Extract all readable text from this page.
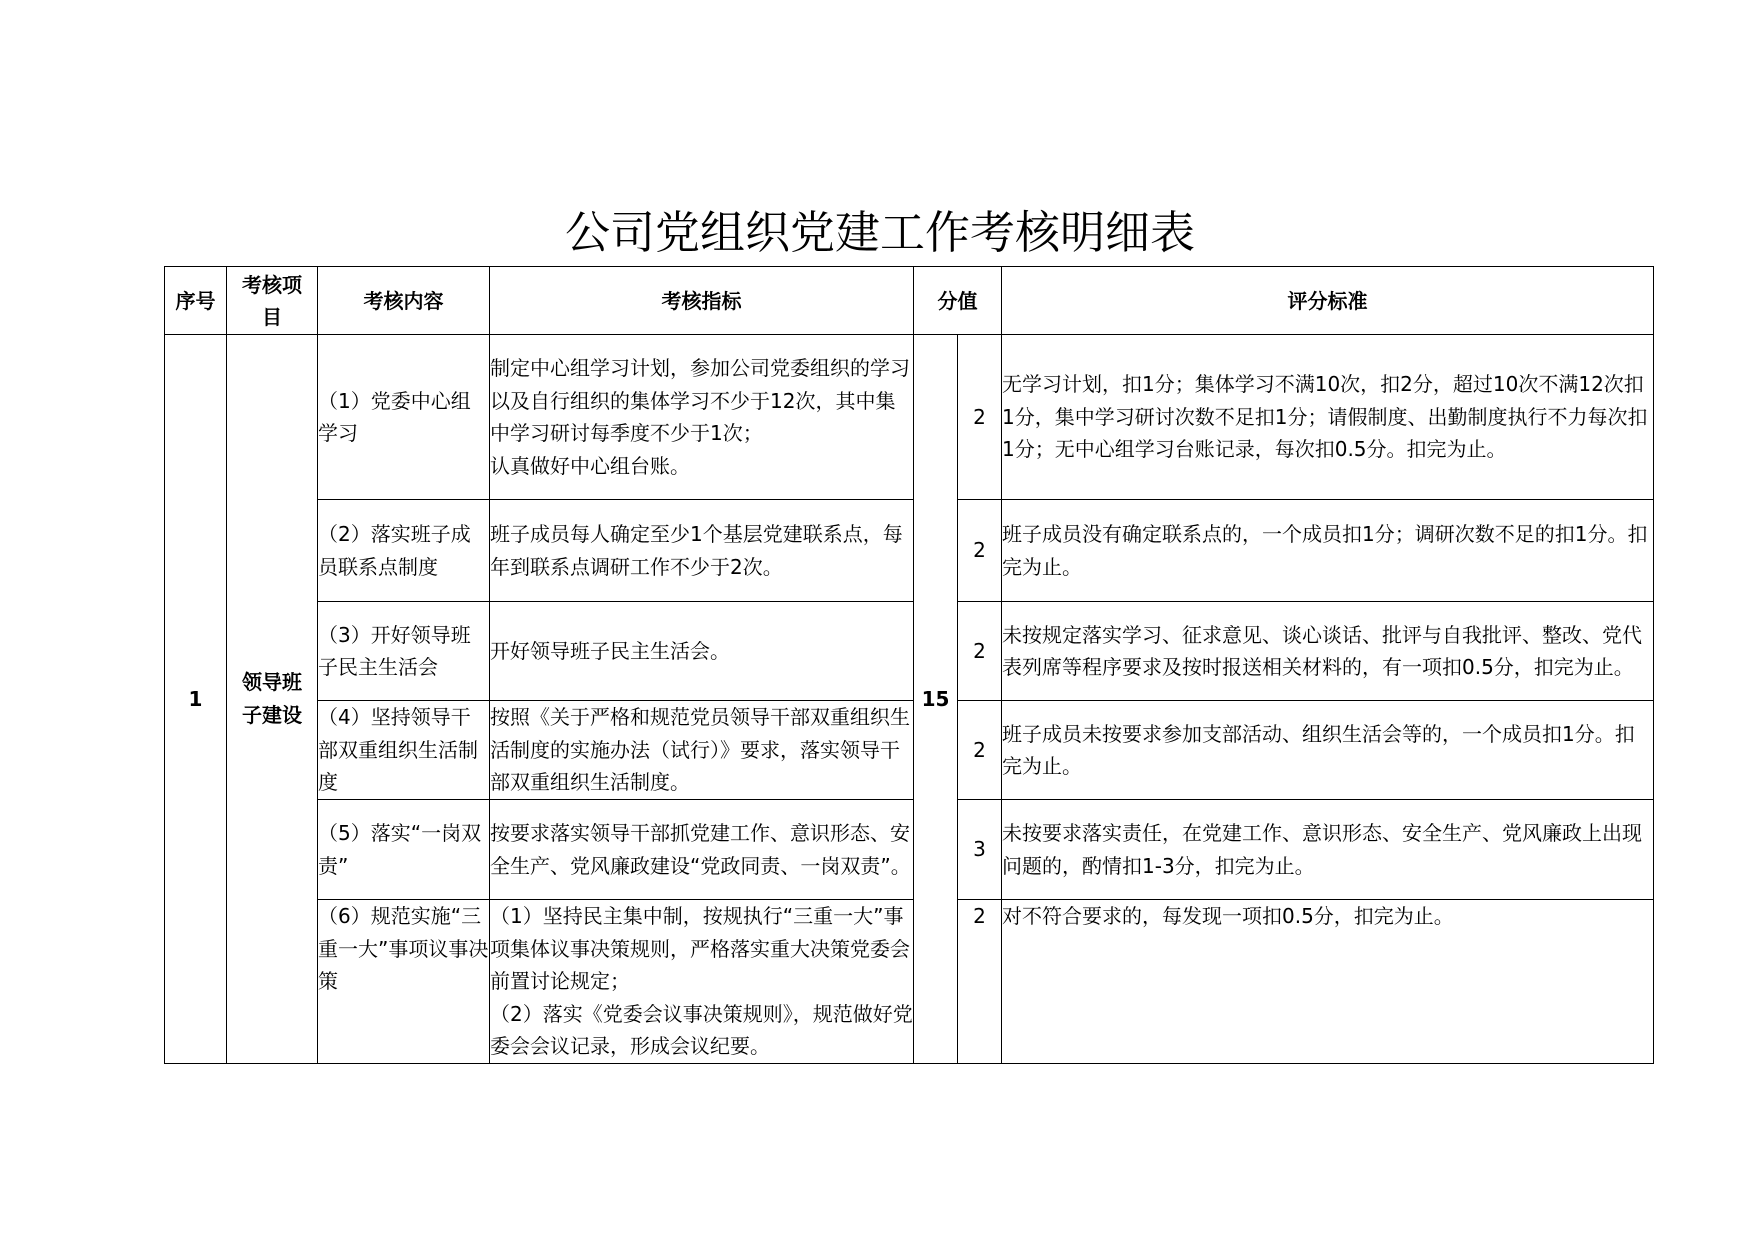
公司党组织党建工作考核明细表
序号	考核项目	考核内容	考核指标	分值		评分标准
1	领导班子建设	（1）党委中心组学习	制定中心组学习计划，参加公司党委组织的学习以及自行组织的集体学习不少于12次，其中集中学习研讨每季度不少于1次；
认真做好中心组台账。	15	2	无学习计划，扣1分；集体学习不满10次，扣2分，超过10次不满12次扣1分，集中学习研讨次数不足扣1分；请假制度、出勤制度执行不力每次扣1分；无中心组学习台账记录，每次扣0.5分。扣完为止。
		（2）落实班子成员联系点制度	班子成员每人确定至少1个基层党建联系点，每年到联系点调研工作不少于2次。		2	班子成员没有确定联系点的，一个成员扣1分；调研次数不足的扣1分。扣完为止。
		（3）开好领导班子民主生活会	开好领导班子民主生活会。		2	未按规定落实学习、征求意见、谈心谈话、批评与自我批评、整改、党代表列席等程序要求及按时报送相关材料的，有一项扣0.5分，扣完为止。
		（4）坚持领导干部双重组织生活制度	按照《关于严格和规范党员领导干部双重组织生活制度的实施办法（试行）》要求，落实领导干部双重组织生活制度。		2	班子成员未按要求参加支部活动、组织生活会等的，一个成员扣1分。扣完为止。
		（5）落实“一岗双责”	按要求落实领导干部抓党建工作、意识形态、安全生产、党风廉政建设“党政同责、一岗双责”。		3	未按要求落实责任，在党建工作、意识形态、安全生产、党风廉政上出现问题的，酌情扣1-3分，扣完为止。
		（6）规范实施“三重一大”事项议事决策	（1）坚持民主集中制，按规执行“三重一大”事项集体议事决策规则，严格落实重大决策党委会前置讨论规定；
（2）落实《党委会议事决策规则》，规范做好党委会会议记录，形成会议纪要。		2	对不符合要求的，每发现一项扣0.5分，扣完为止。
